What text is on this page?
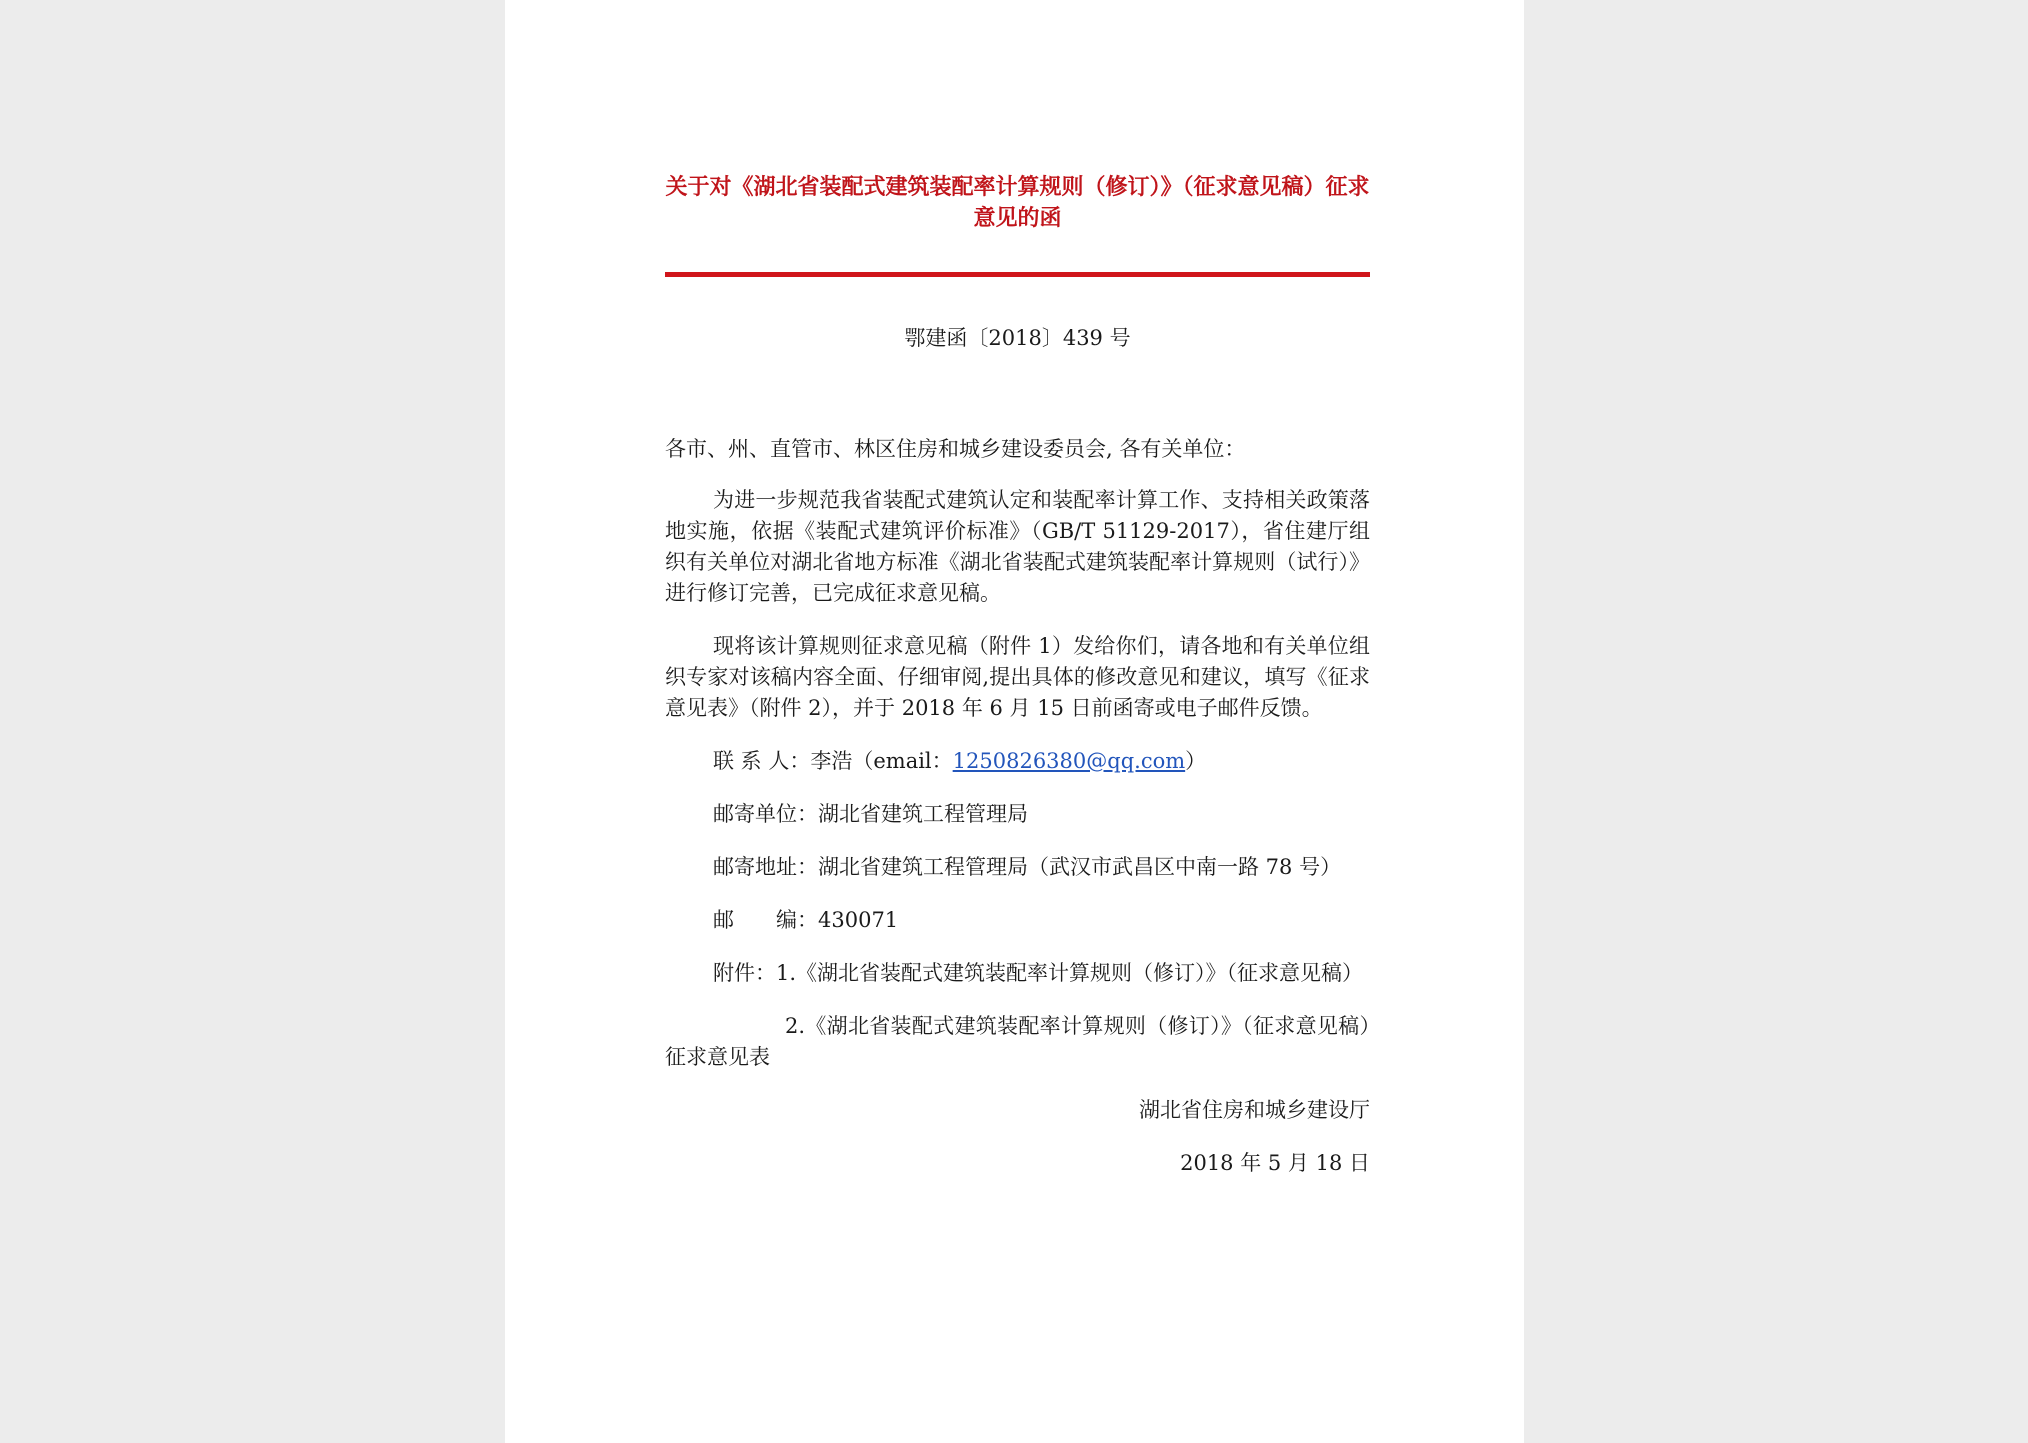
关于对《湖北省装配式建筑装配率计算规则（修订）》（征求意见稿）征求意见的函
鄂建函〔2018〕439 号

各市、州、直管市、林区住房和城乡建设委员会, 各有关单位：

为进一步规范我省装配式建筑认定和装配率计算工作、支持相关政策落地实施，依据《装配式建筑评价标准》（GB/T 51129-2017），省住建厅组织有关单位对湖北省地方标准《湖北省装配式建筑装配率计算规则（试行）》进行修订完善，已完成征求意见稿。

现将该计算规则征求意见稿（附件 1）发给你们，请各地和有关单位组织专家对该稿内容全面、仔细审阅,提出具体的修改意见和建议，填写《征求意见表》（附件 2），并于 2018 年 6 月 15 日前函寄或电子邮件反馈。

联 系 人：李浩（email：1250826380@qq.com）

邮寄单位：湖北省建筑工程管理局

邮寄地址：湖北省建筑工程管理局（武汉市武昌区中南一路 78 号）

邮　　编：430071

附件：1.《湖北省装配式建筑装配率计算规则（修订）》（征求意见稿）

2.《湖北省装配式建筑装配率计算规则（修订）》（征求意见稿）征求意见表

湖北省住房和城乡建设厅

2018 年 5 月 18 日
